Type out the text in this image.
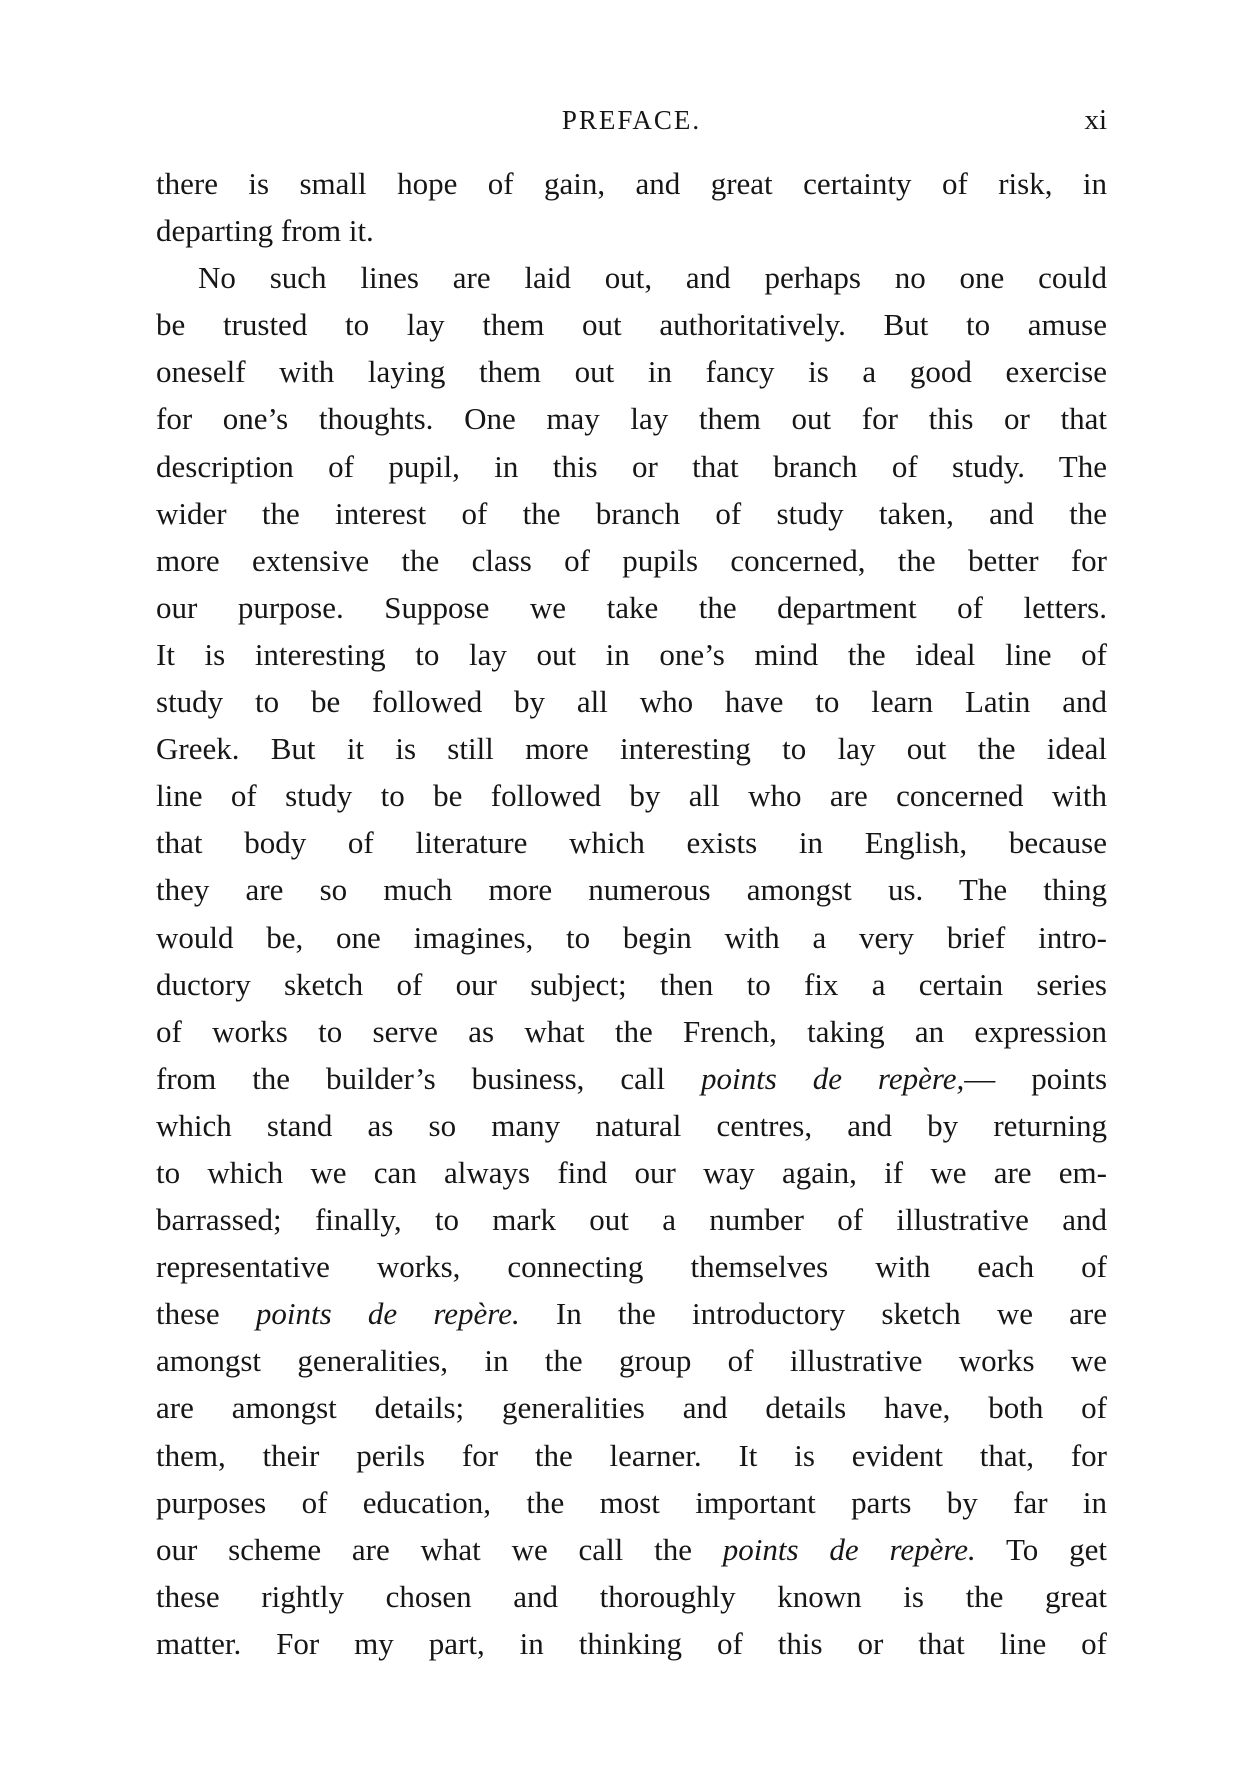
PREFACE.	xi
there is small hope of gain, and great certainty of risk, in
departing from it.
No such lines are laid out, and perhaps no one could
be trusted to lay them out authoritatively. But to amuse
oneself with laying them out in fancy is a good exercise
for one’s thoughts. One may lay them out for this or that
description of pupil, in this or that branch of study. The
wider the interest of the branch of study taken, and the
more extensive the class of pupils concerned, the better for
our purpose. Suppose we take the department of letters.
It is interesting to lay out in one’s mind the ideal line of
study to be followed by all who have to learn Latin and
Greek. But it is still more interesting to lay out the ideal
line of study to be followed by all who are concerned with
that body of literature which exists in English, because
they are so much more numerous amongst us. The thing
would be, one imagines, to begin with a very brief intro-
ductory sketch of our subject; then to fix a certain series
of works to serve as what the French, taking an expression
from the builder’s business, call points de repère,— points
which stand as so many natural centres, and by returning
to which we can always find our way again, if we are em-
barrassed; finally, to mark out a number of illustrative and
representative works, connecting themselves with each of
these points de repère. In the introductory sketch we are
amongst generalities, in the group of illustrative works we
are amongst details; generalities and details have, both of
them, their perils for the learner. It is evident that, for
purposes of education, the most important parts by far in
our scheme are what we call the points de repère. To get
these rightly chosen and thoroughly known is the great
matter. For my part, in thinking of this or that line of
